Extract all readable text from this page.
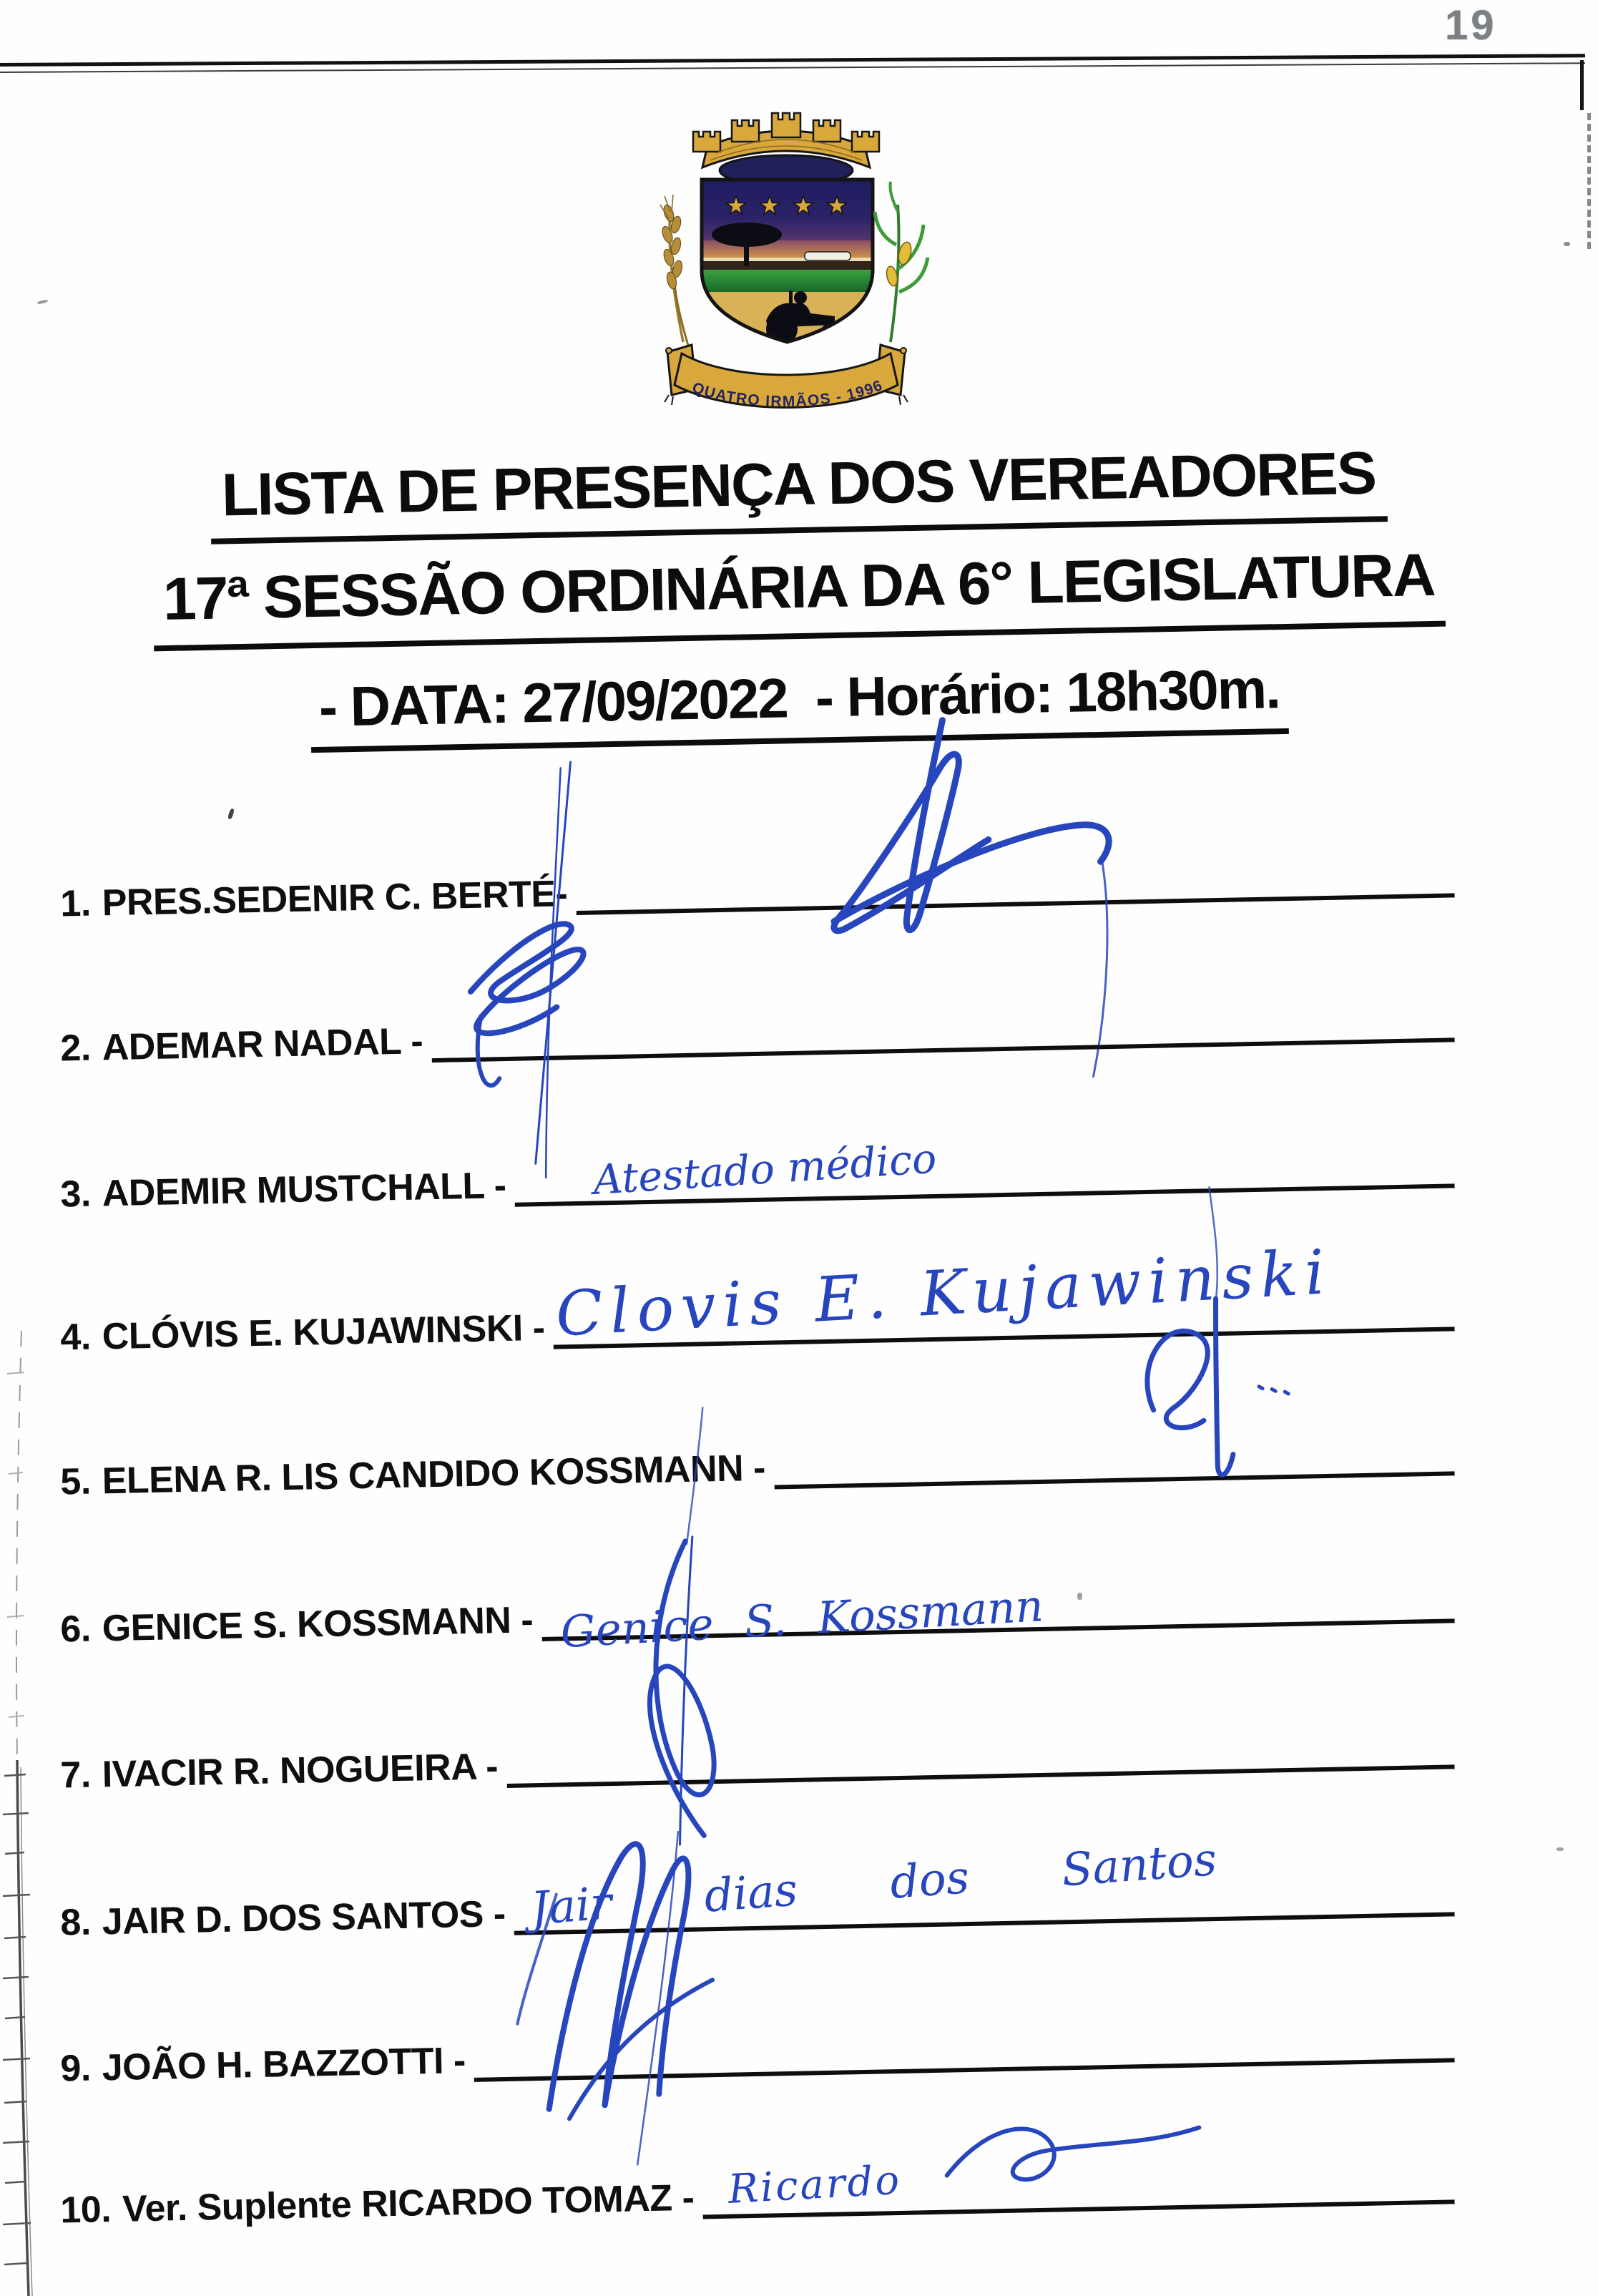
19
QUATRO IRMÃOS - 1996
LISTA DE PRESENÇA DOS VEREADORES
17ª SESSÃO ORDINÁRIA DA 6° LEGISLATURA
- DATA: 27/09/2022  - Horário: 18h30m.
1. PRES.SEDENIR C. BERTÉ-
2. ADEMAR NADAL -
3. ADEMIR MUSTCHALL - Atestado médico
4. CLÓVIS E. KUJAWINSKI - Clovis E. Kujawinski
5. ELENA R. LIS CANDIDO KOSSMANN -
6. GENICE S. KOSSMANN - Genice S. Kossmann
7. IVACIR R. NOGUEIRA -
8. JAIR D. DOS SANTOS - Jair dias dos Santos
9. JOÃO H. BAZZOTTI -
10. Ver. Suplente RICARDO TOMAZ - Ricardo
